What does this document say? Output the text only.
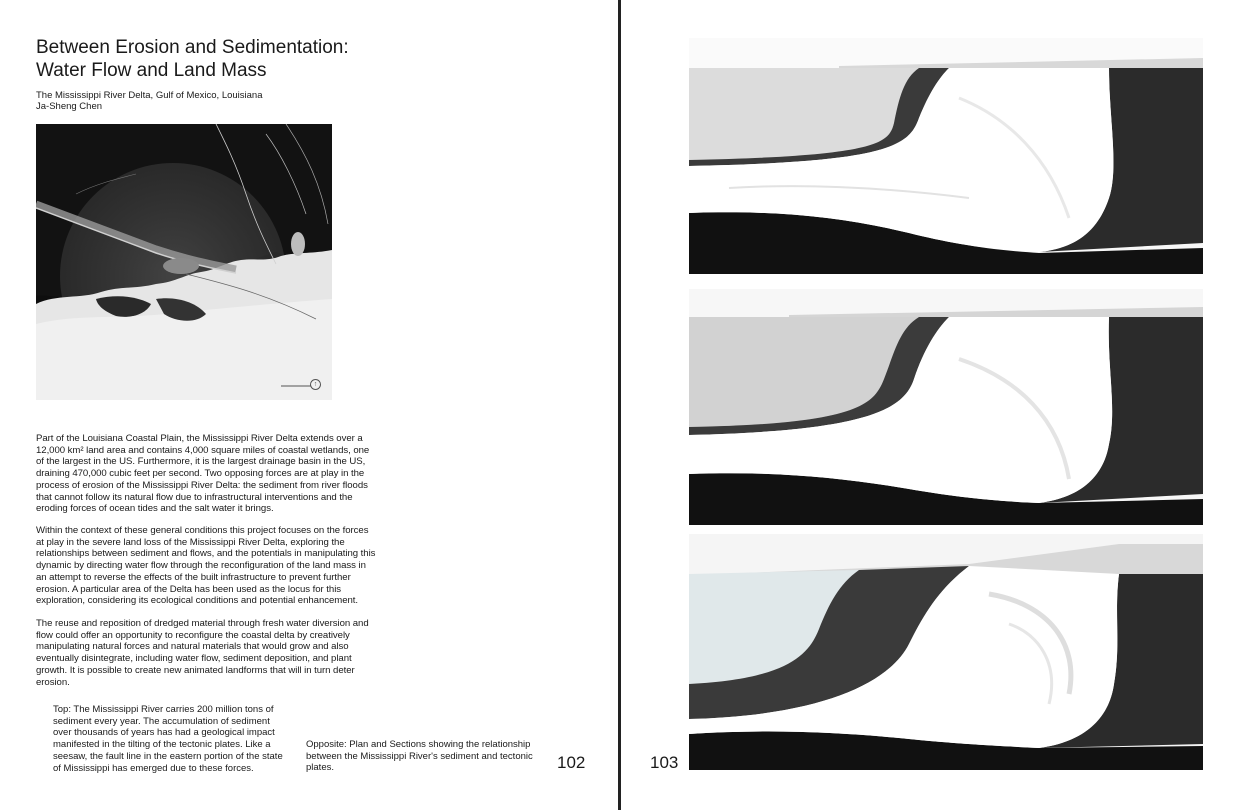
Between Erosion and Sedimentation:
Water Flow and Land Mass
The Mississippi River Delta, Gulf of Mexico, Louisiana
Ja-Sheng Chen
↑

Part of the Louisiana Coastal Plain, the Mississippi River Delta extends over a 12,000 km² land area and contains 4,000 square miles of coastal wetlands, one of the largest in the US. Furthermore, it is the largest drainage basin in the US, draining 470,000 cubic feet per second. Two opposing forces are at play in the process of erosion of the Mississippi River Delta: the sediment from river floods that cannot follow its natural flow due to infrastructural interventions and the eroding forces of ocean tides and the salt water it brings.

Within the context of these general conditions this project focuses on the forces at play in the severe land loss of the Mississippi River Delta, exploring the relationships between sediment and flows, and the potentials in manipulating this dynamic by directing water flow through the reconfiguration of the land mass in an attempt to reverse the effects of the built infrastructure to prevent further erosion. A particular area of the Delta has been used as the locus for this exploration, considering its ecological conditions and potential enhancement.

The reuse and reposition of dredged material through fresh water diversion and flow could offer an opportunity to reconfigure the coastal delta by creatively manipulating natural forces and natural materials that would grow and also eventually disintegrate, including water flow, sediment deposition, and plant growth. It is possible to create new animated landforms that will in turn deter erosion.

Top: The Mississippi River carries 200 million tons of sediment every year. The accumulation of sediment over thousands of years has had a geological impact manifested in the tilting of the tectonic plates. Like a seesaw, the fault line in the eastern portion of the state of Mississippi has emerged due to these forces.

Opposite: Plan and Sections showing the relationship between the Mississippi River's sediment and tectonic plates.	102	103
